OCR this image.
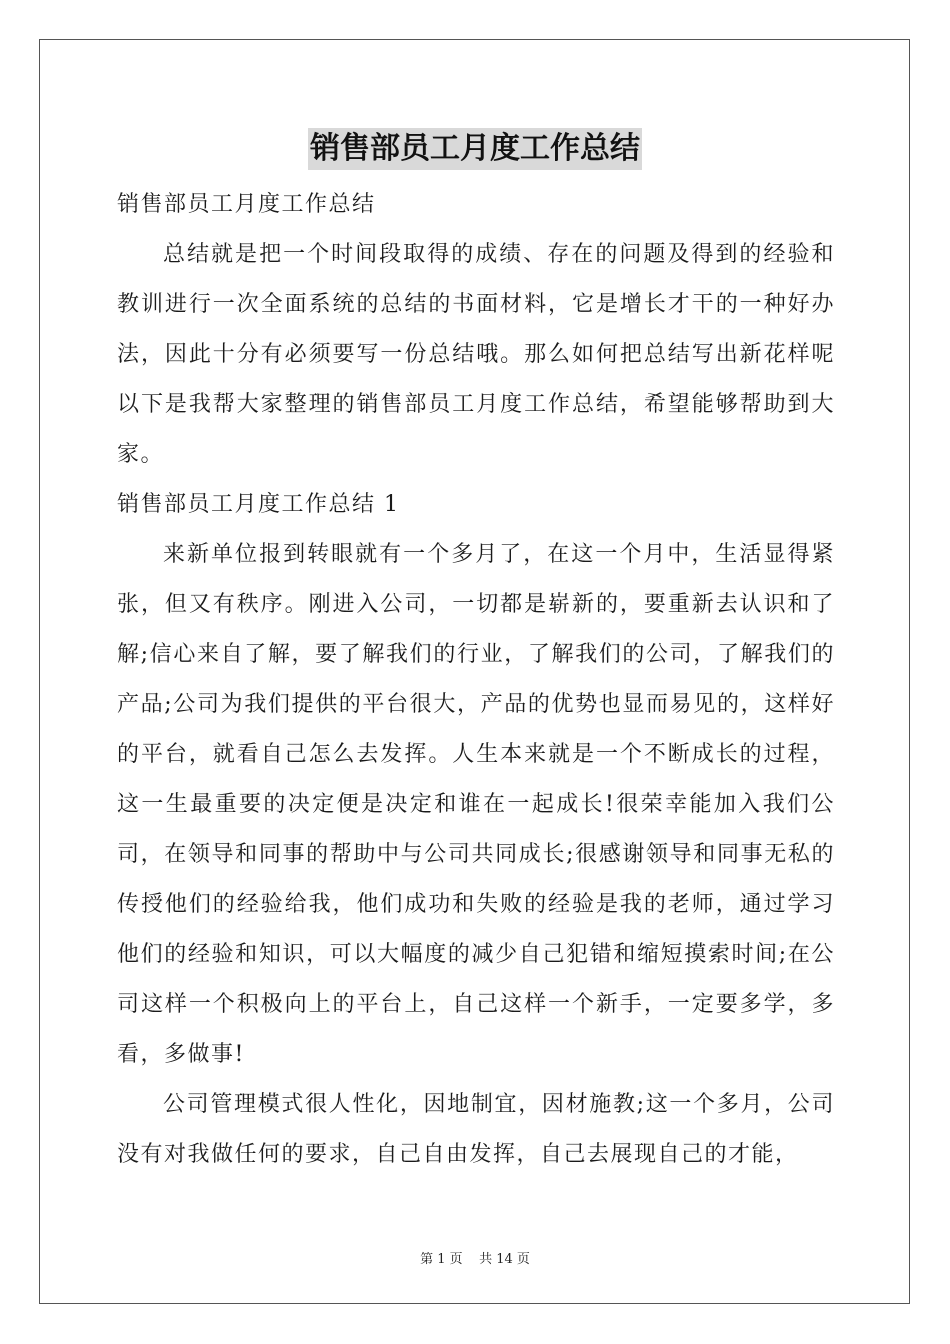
销售部员工月度工作总结

销售部员工月度工作总结

总结就是把一个时间段取得的成绩、存在的问题及得到的经验和教训进行一次全面系统的总结的书面材料，它是增长才干的一种好办法，因此十分有必须要写一份总结哦。那么如何把总结写出新花样呢以下是我帮大家整理的销售部员工月度工作总结，希望能够帮助到大家。

销售部员工月度工作总结 1

来新单位报到转眼就有一个多月了，在这一个月中，生活显得紧张，但又有秩序。刚进入公司，一切都是崭新的，要重新去认识和了解;信心来自了解，要了解我们的行业，了解我们的公司，了解我们的产品;公司为我们提供的平台很大，产品的优势也显而易见的，这样好的平台，就看自己怎么去发挥。人生本来就是一个不断成长的过程，这一生最重要的决定便是决定和谁在一起成长!很荣幸能加入我们公司，在领导和同事的帮助中与公司共同成长;很感谢领导和同事无私的传授他们的经验给我，他们成功和失败的经验是我的老师，通过学习他们的经验和知识，可以大幅度的减少自己犯错和缩短摸索时间;在公司这样一个积极向上的平台上，自己这样一个新手，一定要多学，多看，多做事!

公司管理模式很人性化，因地制宜，因材施教;这一个多月，公司没有对我做任何的要求，自己自由发挥，自己去展现自己的才能，

第 1 页    共 14 页
